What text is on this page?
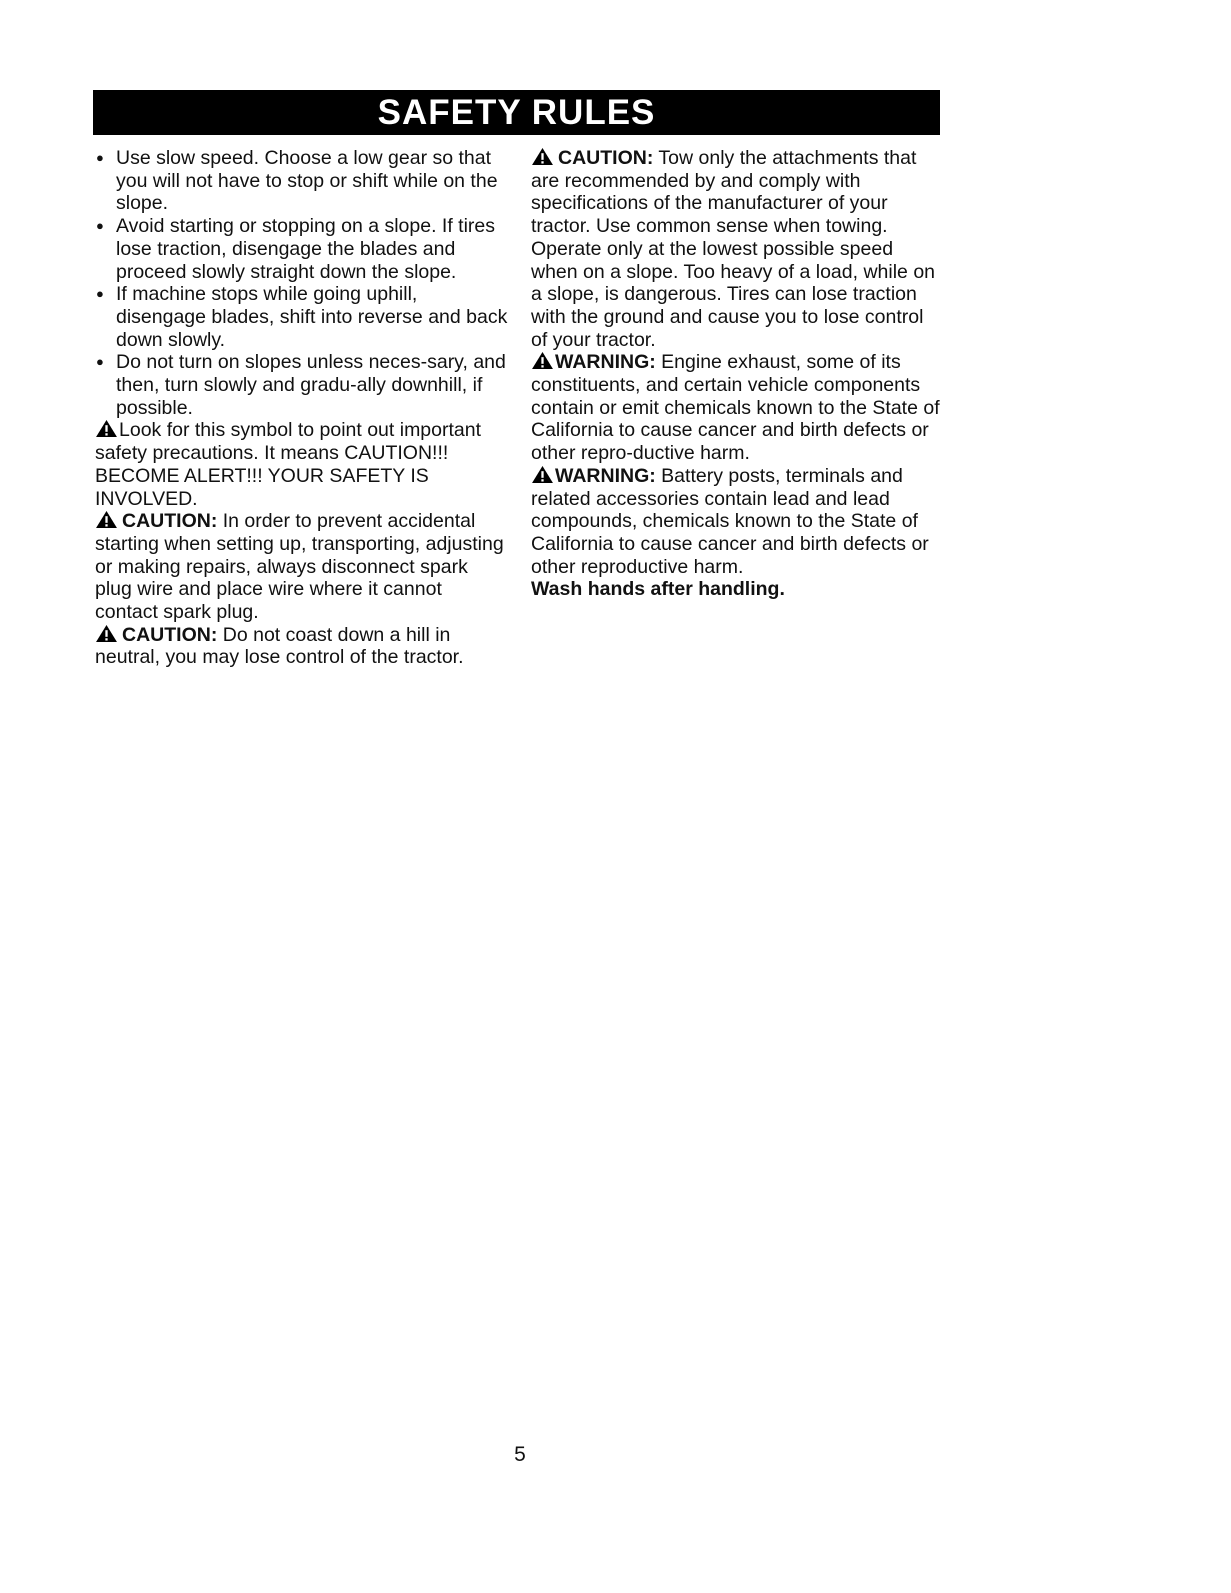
SAFETY RULES
● Use slow speed. Choose a low gear so that you will not have to stop or shift while on the slope.
● Avoid starting or stopping on a slope. If tires lose traction, disengage the blades and proceed slowly straight down the slope.
● If machine stops while going uphill, disengage blades, shift into reverse and back down slowly.
● Do not turn on slopes unless neces-sary, and then, turn slowly and gradu-ally downhill, if possible.

Look for this symbol to point out important safety precautions. It means CAUTION!!! BECOME ALERT!!! YOUR SAFETY IS INVOLVED.

CAUTION: In order to prevent accidental starting when setting up, transporting, adjusting or making repairs, always disconnect spark plug wire and place wire where it cannot contact spark plug.

CAUTION: Do not coast down a hill in neutral, you may lose control of the tractor.

CAUTION: Tow only the attachments that are recommended by and comply with specifications of the manufacturer of your tractor. Use common sense when towing. Operate only at the lowest possible speed when on a slope. Too heavy of a load, while on a slope, is dangerous. Tires can lose traction with the ground and cause you to lose control of your tractor.

WARNING: Engine exhaust, some of its constituents, and certain vehicle components contain or emit chemicals known to the State of California to cause cancer and birth defects or other repro-ductive harm.

WARNING: Battery posts, terminals and related accessories contain lead and lead compounds, chemicals known to the State of California to cause cancer and birth defects or other reproductive harm.

Wash hands after handling.

5
